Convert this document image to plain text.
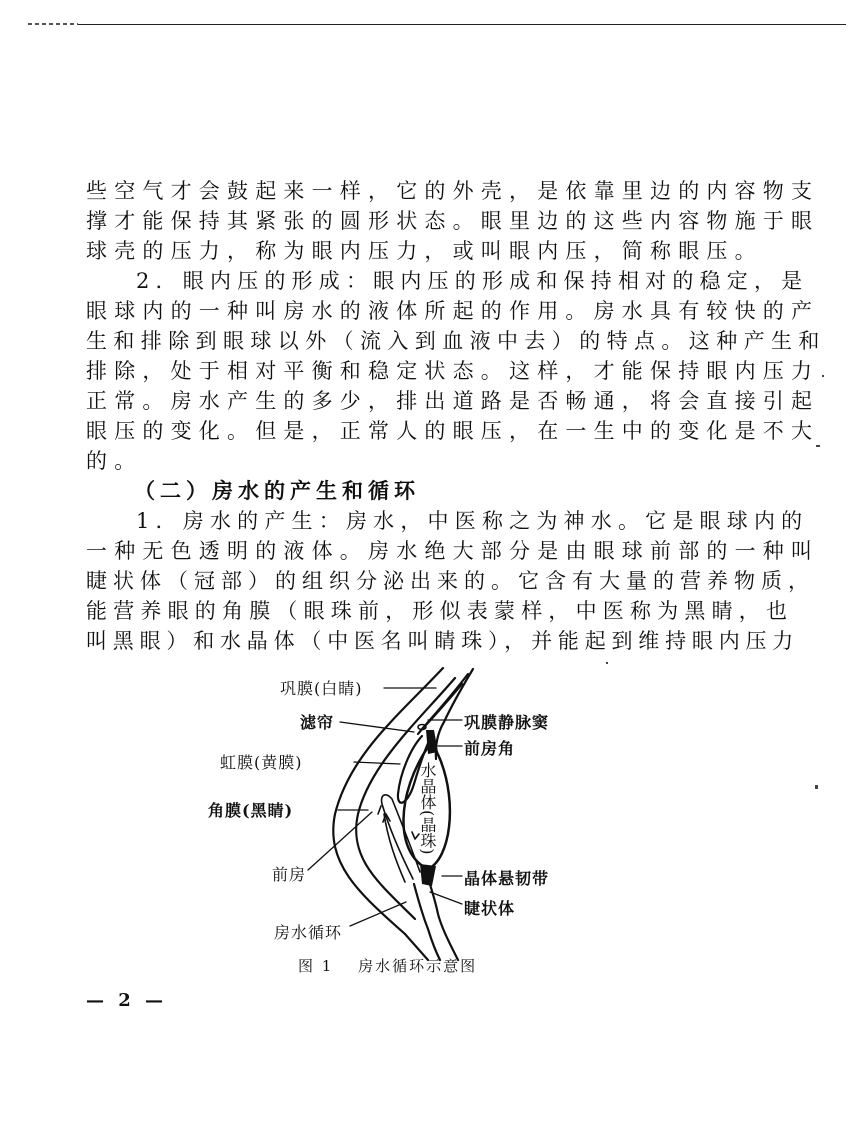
些空气才会鼓起来一样，它的外壳，是依靠里边的内容物支
撑才能保持其紧张的圆形状态。眼里边的这些内容物施于眼
球壳的压力，称为眼内压力，或叫眼内压，简称眼压。
2．眼内压的形成：眼内压的形成和保持相对的稳定，是
眼球内的一种叫房水的液体所起的作用。房水具有较快的产
生和排除到眼球以外（流入到血液中去）的特点。这种产生和
排除，处于相对平衡和稳定状态。这样，才能保持眼内压力
正常。房水产生的多少，排出道路是否畅通，将会直接引起
眼压的变化。但是，正常人的眼压，在一生中的变化是不大
的。
（二）房水的产生和循环
1．房水的产生：房水，中医称之为神水。它是眼球内的
一种无色透明的液体。房水绝大部分是由眼球前部的一种叫
睫状体（冠部）的组织分泌出来的。它含有大量的营养物质，
能营养眼的角膜（眼珠前，形似表蒙样，中医称为黑睛，也
叫黑眼）和水晶体（中医名叫睛珠），并能起到维持眼内压力
巩膜(白睛)
滤帘
虹膜(黄膜)
角膜(黑睛)
前房
房水循环
巩膜静脉窦
前房角
水晶体(晶珠)
晶体悬韧带
睫状体
图 1 房水循环示意图
— 2 —
